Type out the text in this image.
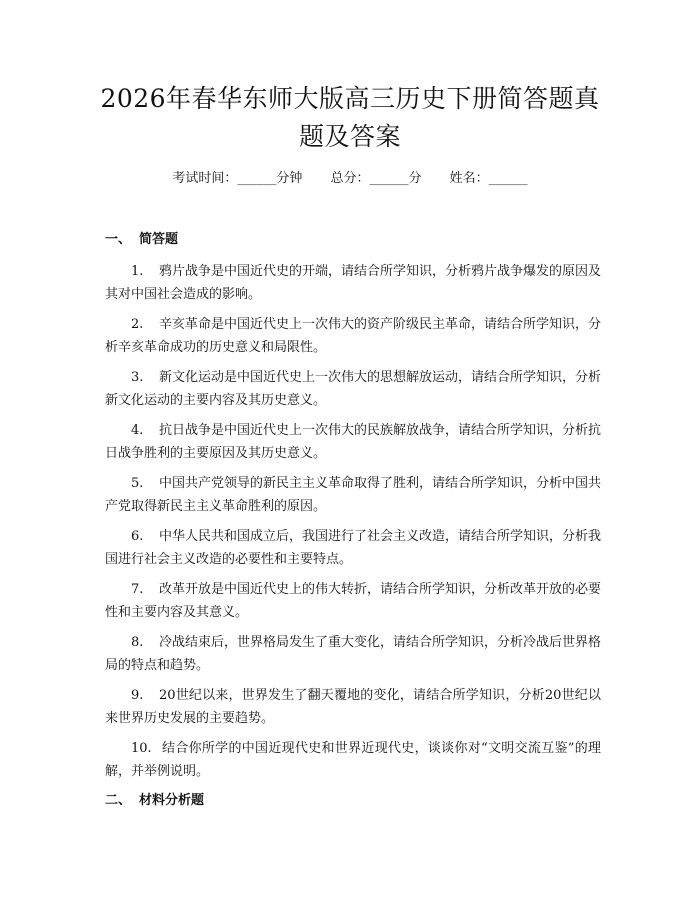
2026年春华东师大版高三历史下册简答题真题及答案
考试时间：______分钟 总分：______分 姓名：______
一、 简答题
1. 鸦片战争是中国近代史的开端，请结合所学知识，分析鸦片战争爆发的原因及其对中国社会造成的影响。
2. 辛亥革命是中国近代史上一次伟大的资产阶级民主革命，请结合所学知识，分析辛亥革命成功的历史意义和局限性。
3. 新文化运动是中国近代史上一次伟大的思想解放运动，请结合所学知识，分析新文化运动的主要内容及其历史意义。
4. 抗日战争是中国近代史上一次伟大的民族解放战争，请结合所学知识，分析抗日战争胜利的主要原因及其历史意义。
5. 中国共产党领导的新民主主义革命取得了胜利，请结合所学知识，分析中国共产党取得新民主主义革命胜利的原因。
6. 中华人民共和国成立后，我国进行了社会主义改造，请结合所学知识，分析我国进行社会主义改造的必要性和主要特点。
7. 改革开放是中国近代史上的伟大转折，请结合所学知识，分析改革开放的必要性和主要内容及其意义。
8. 冷战结束后，世界格局发生了重大变化，请结合所学知识，分析冷战后世界格局的特点和趋势。
9. 20世纪以来，世界发生了翻天覆地的变化，请结合所学知识，分析20世纪以来世界历史发展的主要趋势。
10. 结合你所学的中国近现代史和世界近现代史，谈谈你对“文明交流互鉴”的理解，并举例说明。
二、 材料分析题
